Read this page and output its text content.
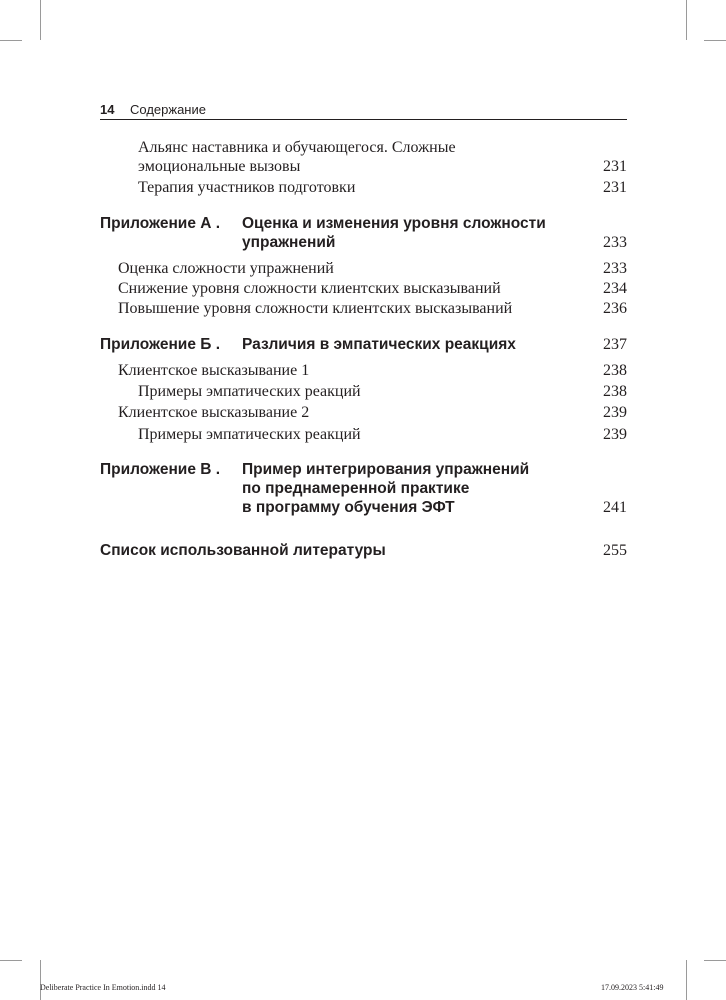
14 Содержание
Альянс наставника и обучающегося. Сложные
эмоциональные вызовы	231
Терапия участников подготовки	231
Приложение А . Оценка и изменения уровня сложности
упражнений	233
Оценка сложности упражнений	233
Снижение уровня сложности клиентских высказываний	234
Повышение уровня сложности клиентских высказываний	236
Приложение Б . Различия в эмпатических реакциях	237
Клиентское высказывание 1	238
Примеры эмпатических реакций	238
Клиентское высказывание 2	239
Примеры эмпатических реакций	239
Приложение В . Пример интегрирования упражнений
по преднамеренной практике
в программу обучения ЭФТ	241
Список использованной литературы	255
Deliberate Practice In Emotion.indd 14	17.09.2023 5:41:49
